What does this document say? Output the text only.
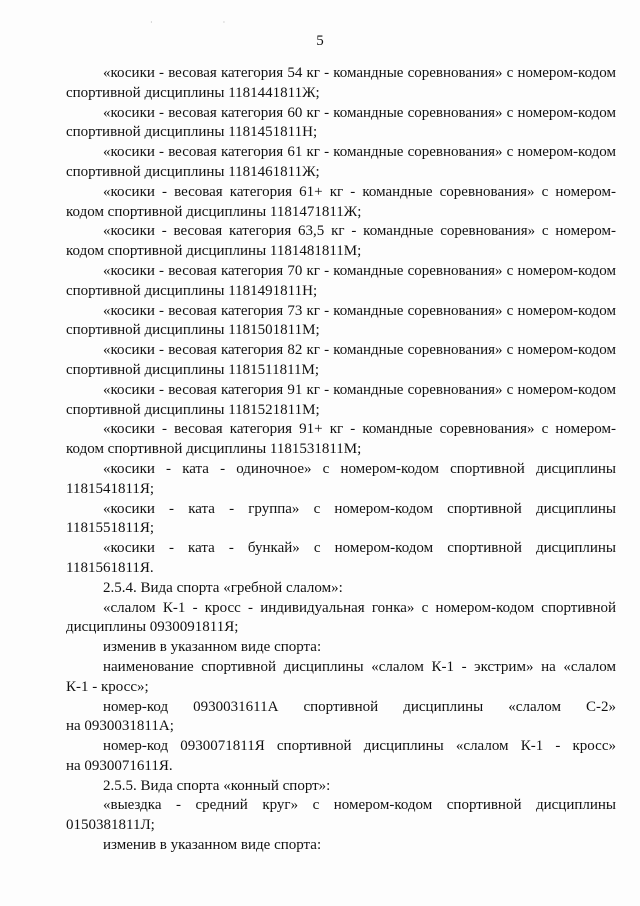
· ·
5
«косики - весовая категория 54 кг - командные соревнования» с номером-кодом
спортивной дисциплины 1181441811Ж;
«косики - весовая категория 60 кг - командные соревнования» с номером-кодом
спортивной дисциплины 1181451811Н;
«косики - весовая категория 61 кг - командные соревнования» с номером-кодом
спортивной дисциплины 1181461811Ж;
«косики - весовая категория 61+ кг - командные соревнования» с номером-
кодом спортивной дисциплины 1181471811Ж;
«косики - весовая категория 63,5 кг - командные соревнования» с номером-
кодом спортивной дисциплины 1181481811М;
«косики - весовая категория 70 кг - командные соревнования» с номером-кодом
спортивной дисциплины 1181491811Н;
«косики - весовая категория 73 кг - командные соревнования» с номером-кодом
спортивной дисциплины 1181501811М;
«косики - весовая категория 82 кг - командные соревнования» с номером-кодом
спортивной дисциплины 1181511811М;
«косики - весовая категория 91 кг - командные соревнования» с номером-кодом
спортивной дисциплины 1181521811М;
«косики - весовая категория 91+ кг - командные соревнования» с номером-
кодом спортивной дисциплины 1181531811М;
«косики - ката - одиночное» с номером-кодом спортивной дисциплины
1181541811Я;
«косики - ката - группа» с номером-кодом спортивной дисциплины
1181551811Я;
«косики - ката - бункай» с номером-кодом спортивной дисциплины
1181561811Я.
2.5.4. Вида спорта «гребной слалом»:
«слалом К-1 - кросс - индивидуальная гонка» с номером-кодом спортивной
дисциплины 0930091811Я;
изменив в указанном виде спорта:
наименование спортивной дисциплины «слалом К-1 - экстрим» на «слалом
К-1 - кросс»;
номер-код 0930031611А спортивной дисциплины «слалом С-2»
на 0930031811А;
номер-код 0930071811Я спортивной дисциплины «слалом К-1 - кросс»
на 0930071611Я.
2.5.5. Вида спорта «конный спорт»:
«выездка - средний круг» с номером-кодом спортивной дисциплины
0150381811Л;
изменив в указанном виде спорта:
